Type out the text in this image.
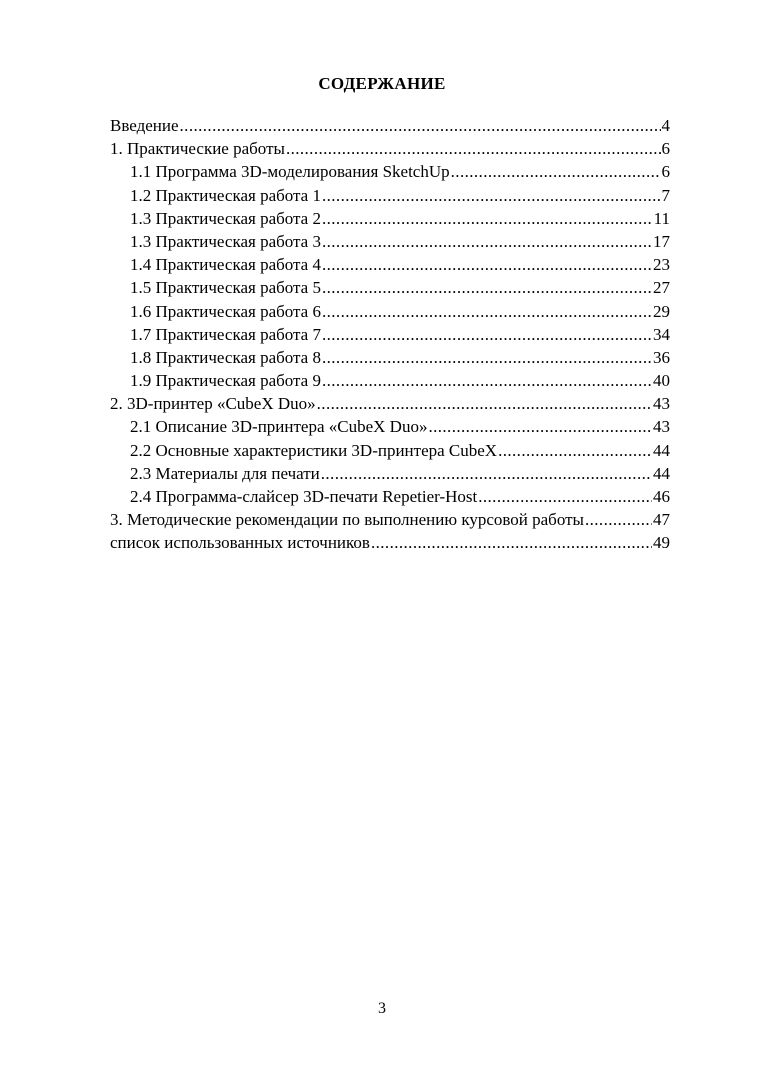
СОДЕРЖАНИЕ
Введение .....	4
1. Практические работы .....	6
1.1 Программа 3D-моделирования SketchUp .....	6
1.2 Практическая работа 1 .....	7
1.3 Практическая работа 2 .....	11
1.3 Практическая работа 3 .....	17
1.4 Практическая работа 4 .....	23
1.5 Практическая работа 5 .....	27
1.6 Практическая работа 6 .....	29
1.7 Практическая работа 7 .....	34
1.8 Практическая работа 8 .....	36
1.9 Практическая работа 9 .....	40
2. 3D-принтер «CubeX Duo» .....	43
2.1 Описание 3D-принтера «CubeX Duo» .....	43
2.2 Основные характеристики 3D-принтера CubeX .....	44
2.3 Материалы для печати .....	44
2.4 Программа-слайсер 3D-печати Repetier-Host .....	46
3. Методические рекомендации по выполнению курсовой работы .....	47
список использованных источников .....	49
3
